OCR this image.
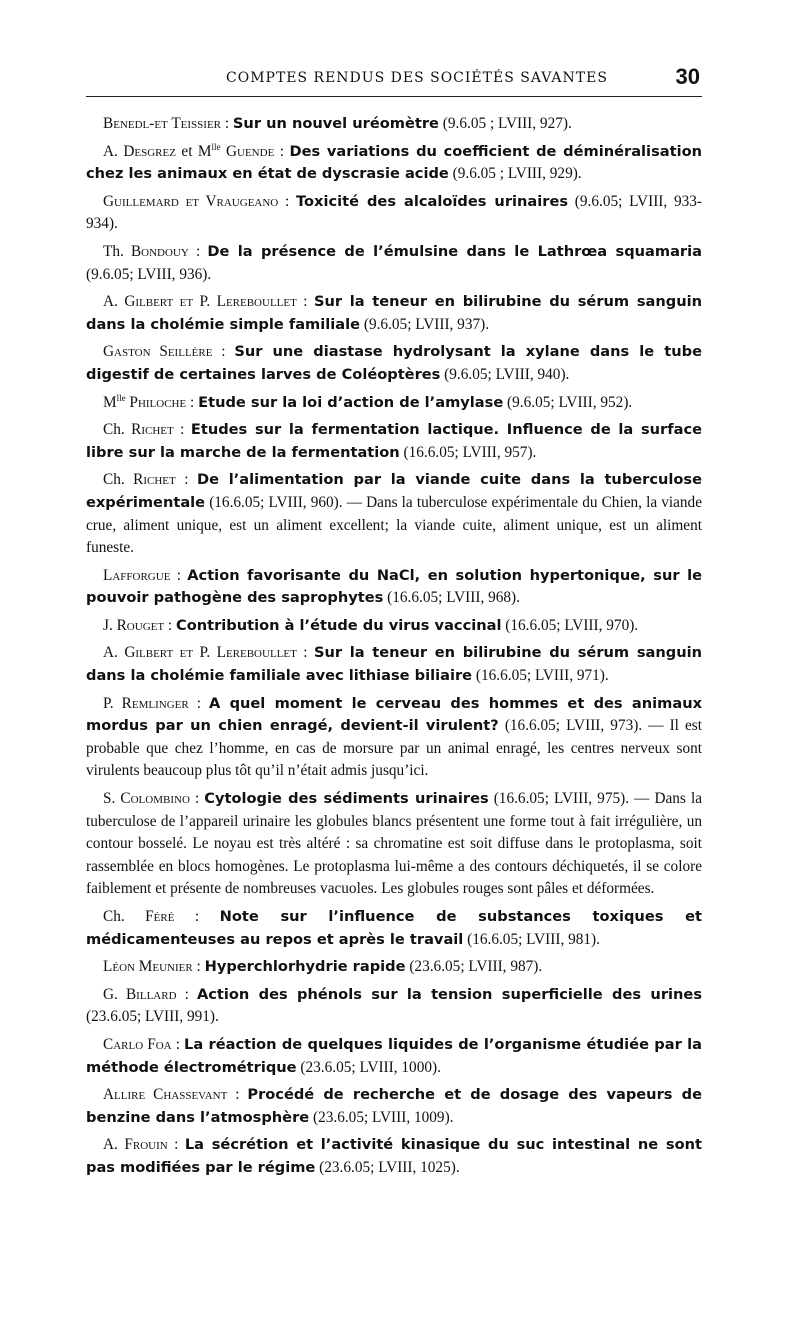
COMPTES RENDUS DES SOCIÉTÉS SAVANTES	30

Benedl-et Teissier : Sur un nouvel uréomètre (9.6.05 ; LVIII, 927).

A. Desgrez et $M^{lle}$ Guende : Des variations du coefficient de déminéralisation chez les animaux en état de dyscrasie acide (9.6.05 ; LVIII, 929).

Guillemard et Vraugeano : Toxicité des alcaloïdes urinaires (9.6.05; LVIII, 933-934).

Th. Bondouy : De la présence de l’émulsine dans le Lathrœa squamaria (9.6.05; LVIII, 936).

A. Gilbert et P. Lereboullet : Sur la teneur en bilirubine du sérum sanguin dans la cholémie simple familiale (9.6.05; LVIII, 937).

Gaston Seillère : Sur une diastase hydrolysant la xylane dans le tube digestif de certaines larves de Coléoptères (9.6.05; LVIII, 940).

$M^{lle}$ Philoche : Etude sur la loi d’action de l’amylase (9.6.05; LVIII, 952).

Ch. Richet : Etudes sur la fermentation lactique. Influence de la surface libre sur la marche de la fermentation (16.6.05; LVIII, 957).

Ch. Richet : De l’alimentation par la viande cuite dans la tuberculose expérimentale (16.6.05; LVIII, 960). — Dans la tuberculose expérimentale du Chien, la viande crue, aliment unique, est un aliment excellent; la viande cuite, aliment unique, est un aliment funeste.

Lafforgue : Action favorisante du NaCl, en solution hypertonique, sur le pouvoir pathogène des saprophytes (16.6.05; LVIII, 968).

J. Rouget : Contribution à l’étude du virus vaccinal (16.6.05; LVIII, 970).

A. Gilbert et P. Lereboullet : Sur la teneur en bilirubine du sérum sanguin dans la cholémie familiale avec lithiase biliaire (16.6.05; LVIII, 971).

P. Remlinger : A quel moment le cerveau des hommes et des animaux mordus par un chien enragé, devient-il virulent? (16.6.05; LVIII, 973). — Il est probable que chez l’homme, en cas de morsure par un animal enragé, les centres nerveux sont virulents beaucoup plus tôt qu’il n’était admis jusqu’ici.

S. Colombino : Cytologie des sédiments urinaires (16.6.05; LVIII, 975). — Dans la tuberculose de l’appareil urinaire les globules blancs présentent une forme tout à fait irrégulière, un contour bosselé. Le noyau est très altéré : sa chromatine est soit diffuse dans le protoplasma, soit rassemblée en blocs homogènes. Le protoplasma lui-même a des contours déchiquetés, il se colore faiblement et présente de nombreuses vacuoles. Les globules rouges sont pâles et déformées.

Ch. Féré : Note sur l’influence de substances toxiques et médicamenteuses au repos et après le travail (16.6.05; LVIII, 981).

Léon Meunier : Hyperchlorhydrie rapide (23.6.05; LVIII, 987).

G. Billard : Action des phénols sur la tension superficielle des urines (23.6.05; LVIII, 991).

Carlo Foa : La réaction de quelques liquides de l’organisme étudiée par la méthode électrométrique (23.6.05; LVIII, 1000).

Allire Chassevant : Procédé de recherche et de dosage des vapeurs de benzine dans l’atmosphère (23.6.05; LVIII, 1009).

A. Frouin : La sécrétion et l’activité kinasique du suc intestinal ne sont pas modifiées par le régime (23.6.05; LVIII, 1025).
